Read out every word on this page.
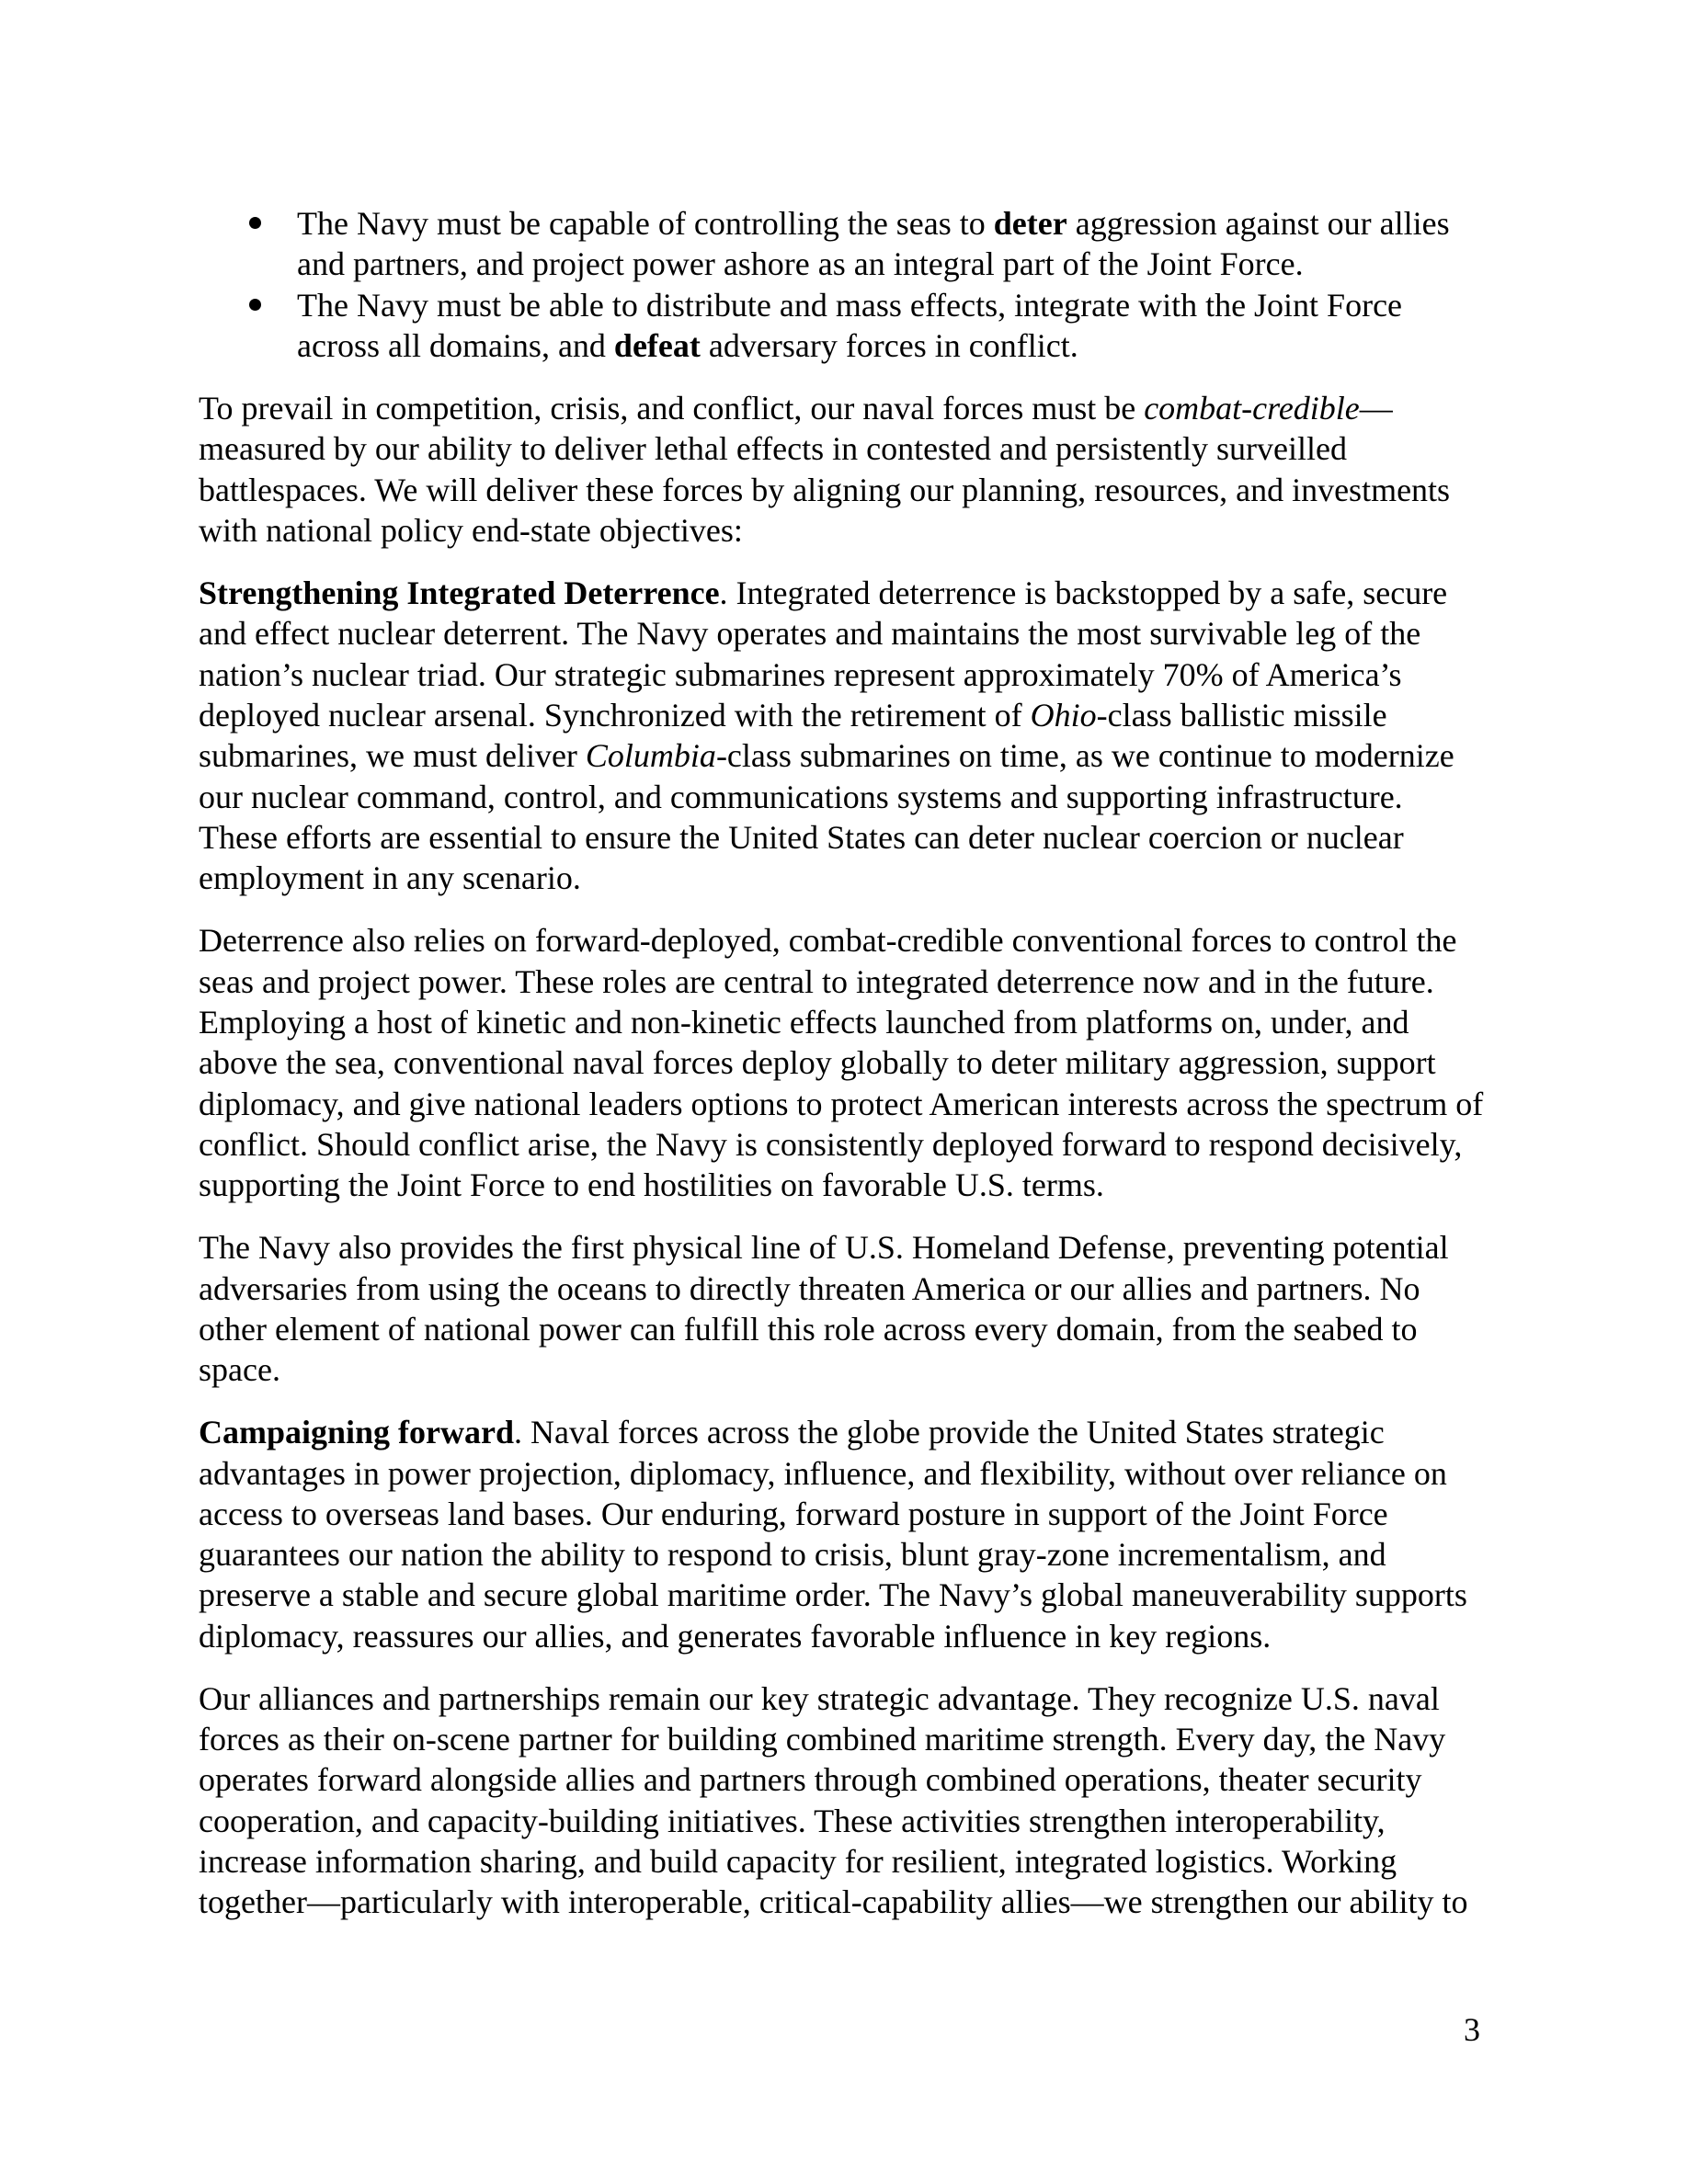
The Navy must be capable of controlling the seas to deter aggression against our allies
and partners, and project power ashore as an integral part of the Joint Force.
The Navy must be able to distribute and mass effects, integrate with the Joint Force
across all domains, and defeat adversary forces in conflict.
To prevail in competition, crisis, and conflict, our naval forces must be combat-credible—
measured by our ability to deliver lethal effects in contested and persistently surveilled
battlespaces. We will deliver these forces by aligning our planning, resources, and investments
with national policy end-state objectives:
Strengthening Integrated Deterrence. Integrated deterrence is backstopped by a safe, secure
and effect nuclear deterrent. The Navy operates and maintains the most survivable leg of the
nation’s nuclear triad. Our strategic submarines represent approximately 70% of America’s
deployed nuclear arsenal. Synchronized with the retirement of Ohio-class ballistic missile
submarines, we must deliver Columbia-class submarines on time, as we continue to modernize
our nuclear command, control, and communications systems and supporting infrastructure.
These efforts are essential to ensure the United States can deter nuclear coercion or nuclear
employment in any scenario.
Deterrence also relies on forward-deployed, combat-credible conventional forces to control the
seas and project power. These roles are central to integrated deterrence now and in the future.
Employing a host of kinetic and non-kinetic effects launched from platforms on, under, and
above the sea, conventional naval forces deploy globally to deter military aggression, support
diplomacy, and give national leaders options to protect American interests across the spectrum of
conflict. Should conflict arise, the Navy is consistently deployed forward to respond decisively,
supporting the Joint Force to end hostilities on favorable U.S. terms.
The Navy also provides the first physical line of U.S. Homeland Defense, preventing potential
adversaries from using the oceans to directly threaten America or our allies and partners. No
other element of national power can fulfill this role across every domain, from the seabed to
space.
Campaigning forward. Naval forces across the globe provide the United States strategic
advantages in power projection, diplomacy, influence, and flexibility, without over reliance on
access to overseas land bases. Our enduring, forward posture in support of the Joint Force
guarantees our nation the ability to respond to crisis, blunt gray-zone incrementalism, and
preserve a stable and secure global maritime order. The Navy’s global maneuverability supports
diplomacy, reassures our allies, and generates favorable influence in key regions.
Our alliances and partnerships remain our key strategic advantage. They recognize U.S. naval
forces as their on-scene partner for building combined maritime strength. Every day, the Navy
operates forward alongside allies and partners through combined operations, theater security
cooperation, and capacity-building initiatives. These activities strengthen interoperability,
increase information sharing, and build capacity for resilient, integrated logistics. Working
together—particularly with interoperable, critical-capability allies—we strengthen our ability to
3
